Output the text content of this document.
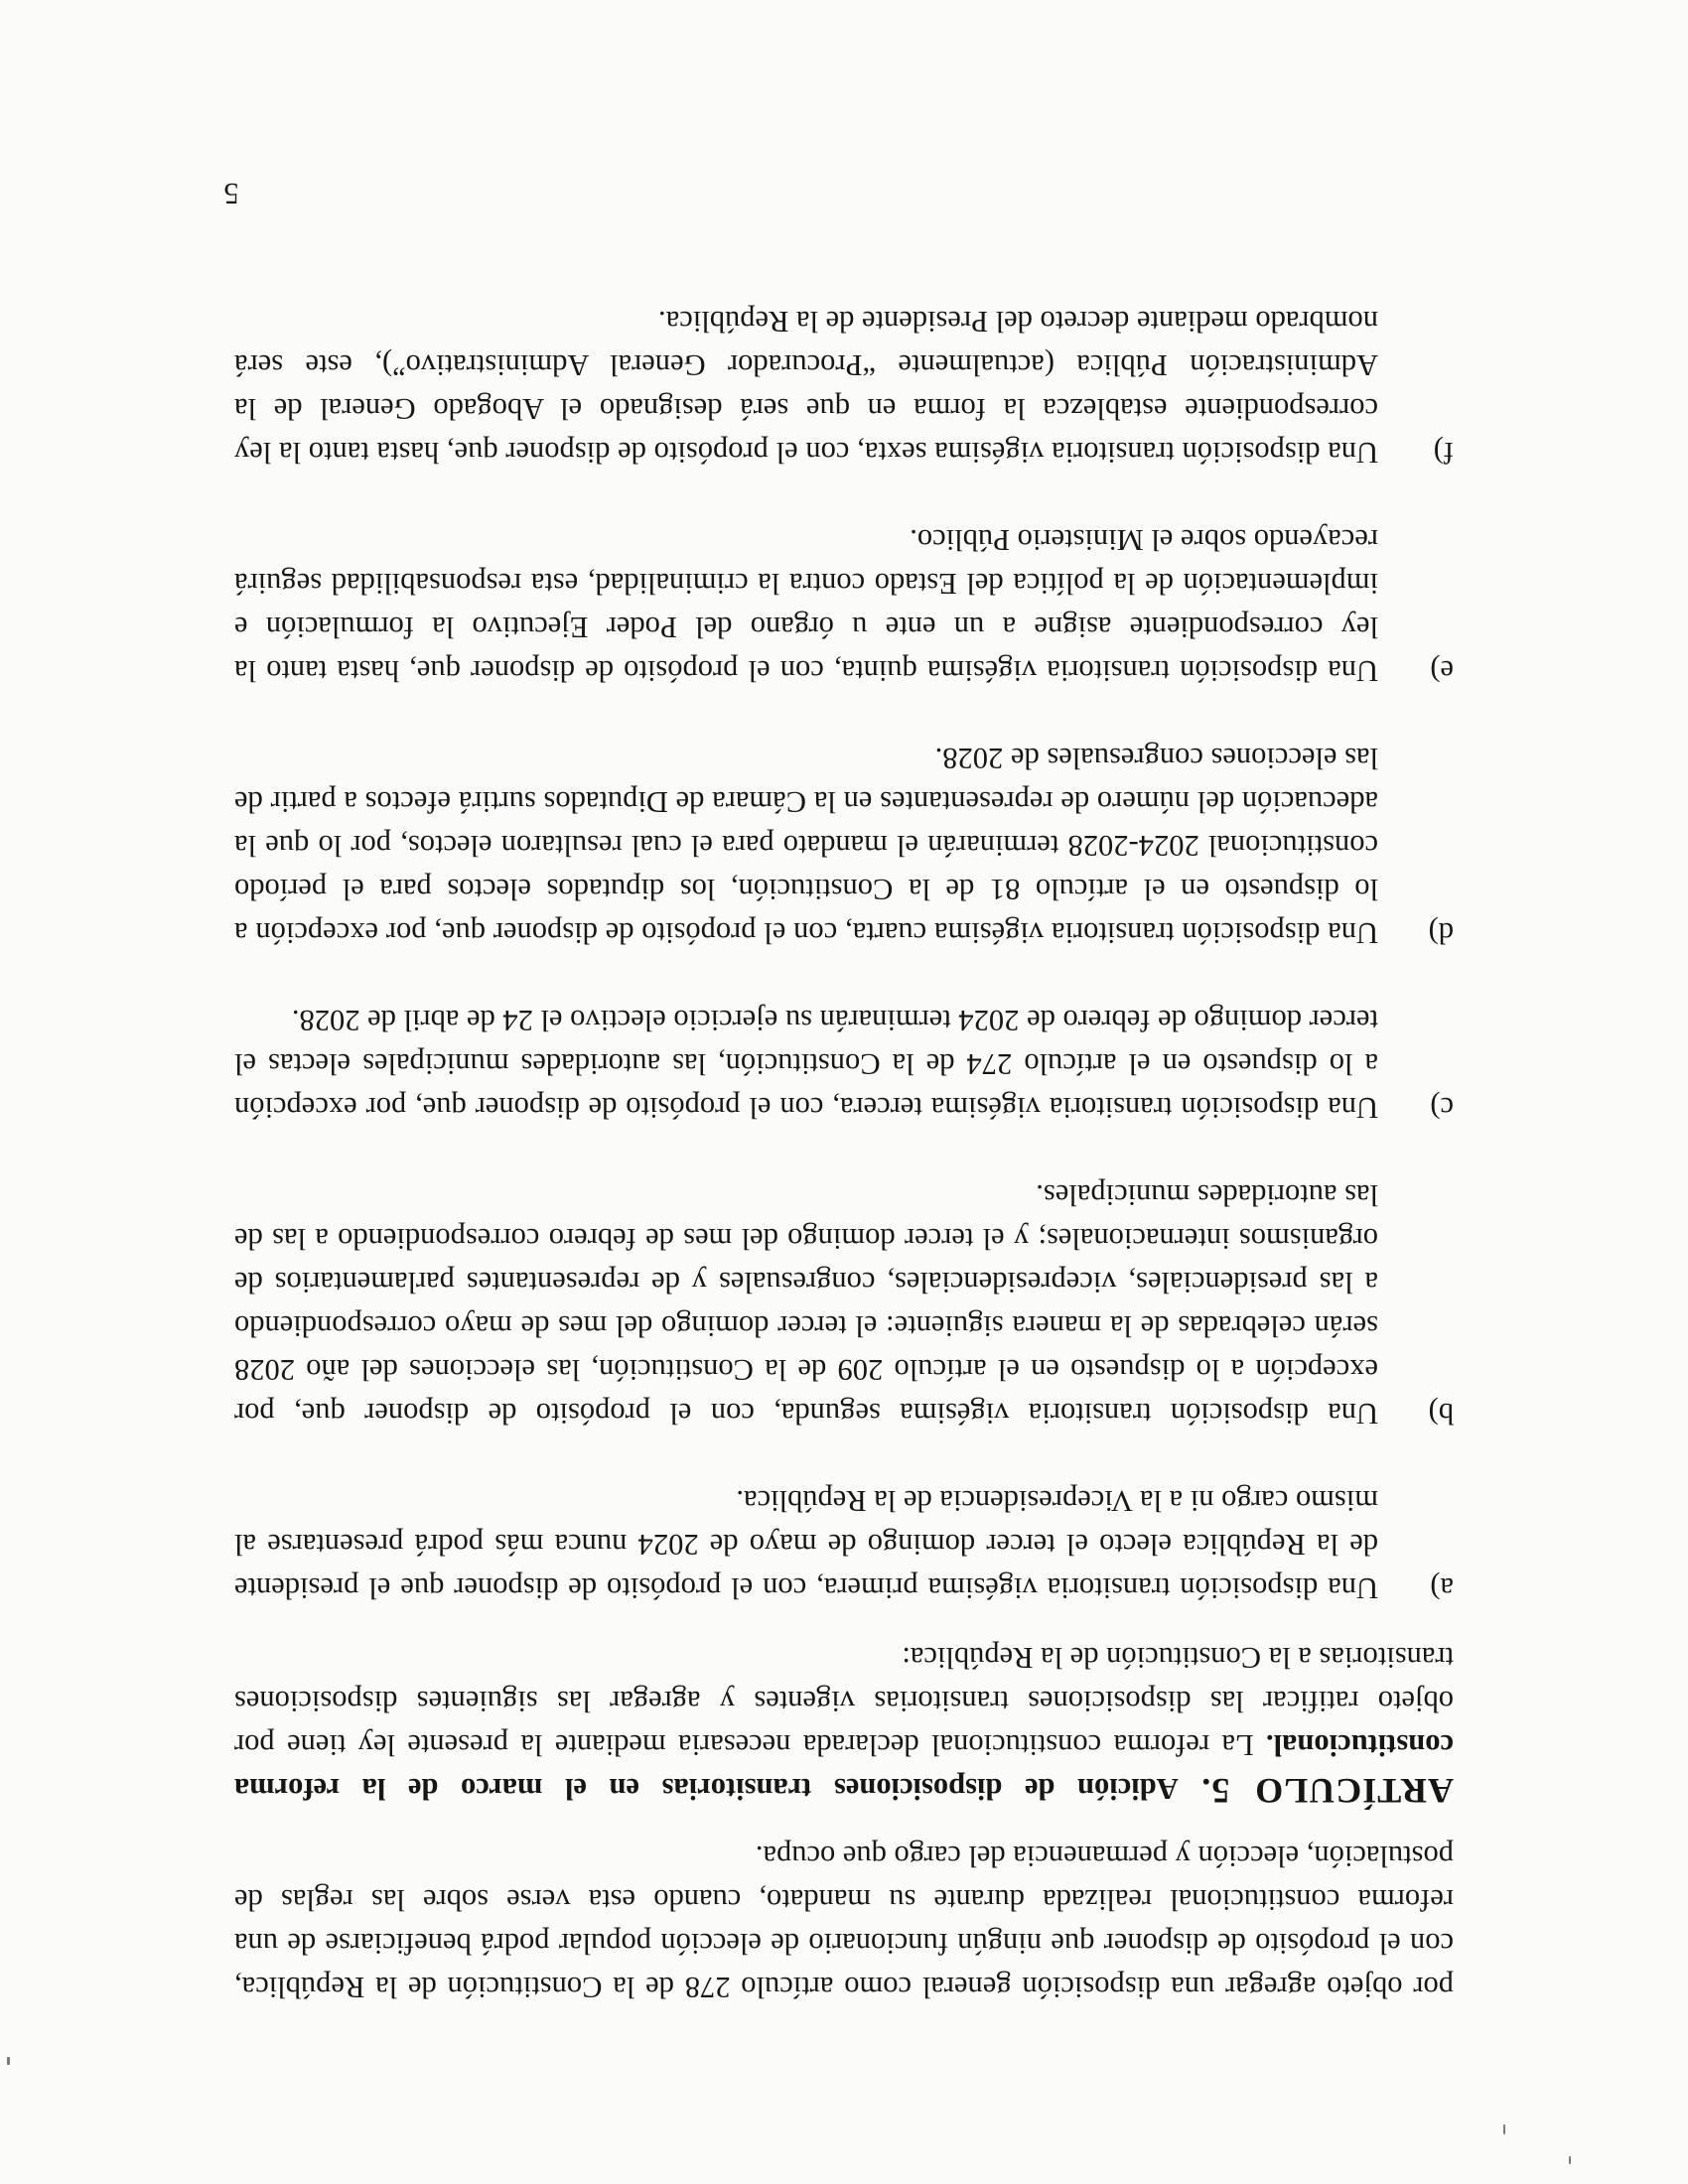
por objeto agregar una disposición general como artículo 278 de la Constitución de la República, con el propósito de disponer que ningún funcionario de elección popular podrá beneficiarse de una reforma constitucional realizada durante su mandato, cuando esta verse sobre las reglas de postulación, elección y permanencia del cargo que ocupa.

ARTÍCULO 5. Adición de disposiciones transitorias en el marco de la reforma constitucional. La reforma constitucional declarada necesaria mediante la presente ley tiene por objeto ratificar las disposiciones transitorias vigentes y agregar las siguientes disposiciones transitorias a la Constitución de la República:

a)
Una disposición transitoria vigésima primera, con el propósito de disponer que el presidente de la República electo el tercer domingo de mayo de 2024 nunca más podrá presentarse al mismo cargo ni a la Vicepresidencia de la República.
b)
Una disposición transitoria vigésima segunda, con el propósito de disponer que, por excepción a lo dispuesto en el artículo 209 de la Constitución, las elecciones del año 2028 serán celebradas de la manera siguiente: el tercer domingo del mes de mayo correspondiendo a las presidenciales, vicepresidenciales, congresuales y de representantes parlamentarios de organismos internacionales; y el tercer domingo del mes de febrero correspondiendo a las de las autoridades municipales.
c)
Una disposición transitoria vigésima tercera, con el propósito de disponer que, por excepción a lo dispuesto en el artículo 274 de la Constitución, las autoridades municipales electas el tercer domingo de febrero de 2024 terminarán su ejercicio electivo el 24 de abril de 2028.
d)
Una disposición transitoria vigésima cuarta, con el propósito de disponer que, por excepción a lo dispuesto en el artículo 81 de la Constitución, los diputados electos para el período constitucional 2024-2028 terminarán el mandato para el cual resultaron electos, por lo que la adecuación del número de representantes en la Cámara de Diputados surtirá efectos a partir de las elecciones congresuales de 2028.
e)
Una disposición transitoria vigésima quinta, con el propósito de disponer que, hasta tanto la ley correspondiente asigne a un ente u órgano del Poder Ejecutivo la formulación e implementación de la política del Estado contra la criminalidad, esta responsabilidad seguirá recayendo sobre el Ministerio Público.
f)
Una disposición transitoria vigésima sexta, con el propósito de disponer que, hasta tanto la ley correspondiente establezca la forma en que será designado el Abogado General de la Administración Pública (actualmente “Procurador General Administrativo”), este será nombrado mediante decreto del Presidente de la República.
5
